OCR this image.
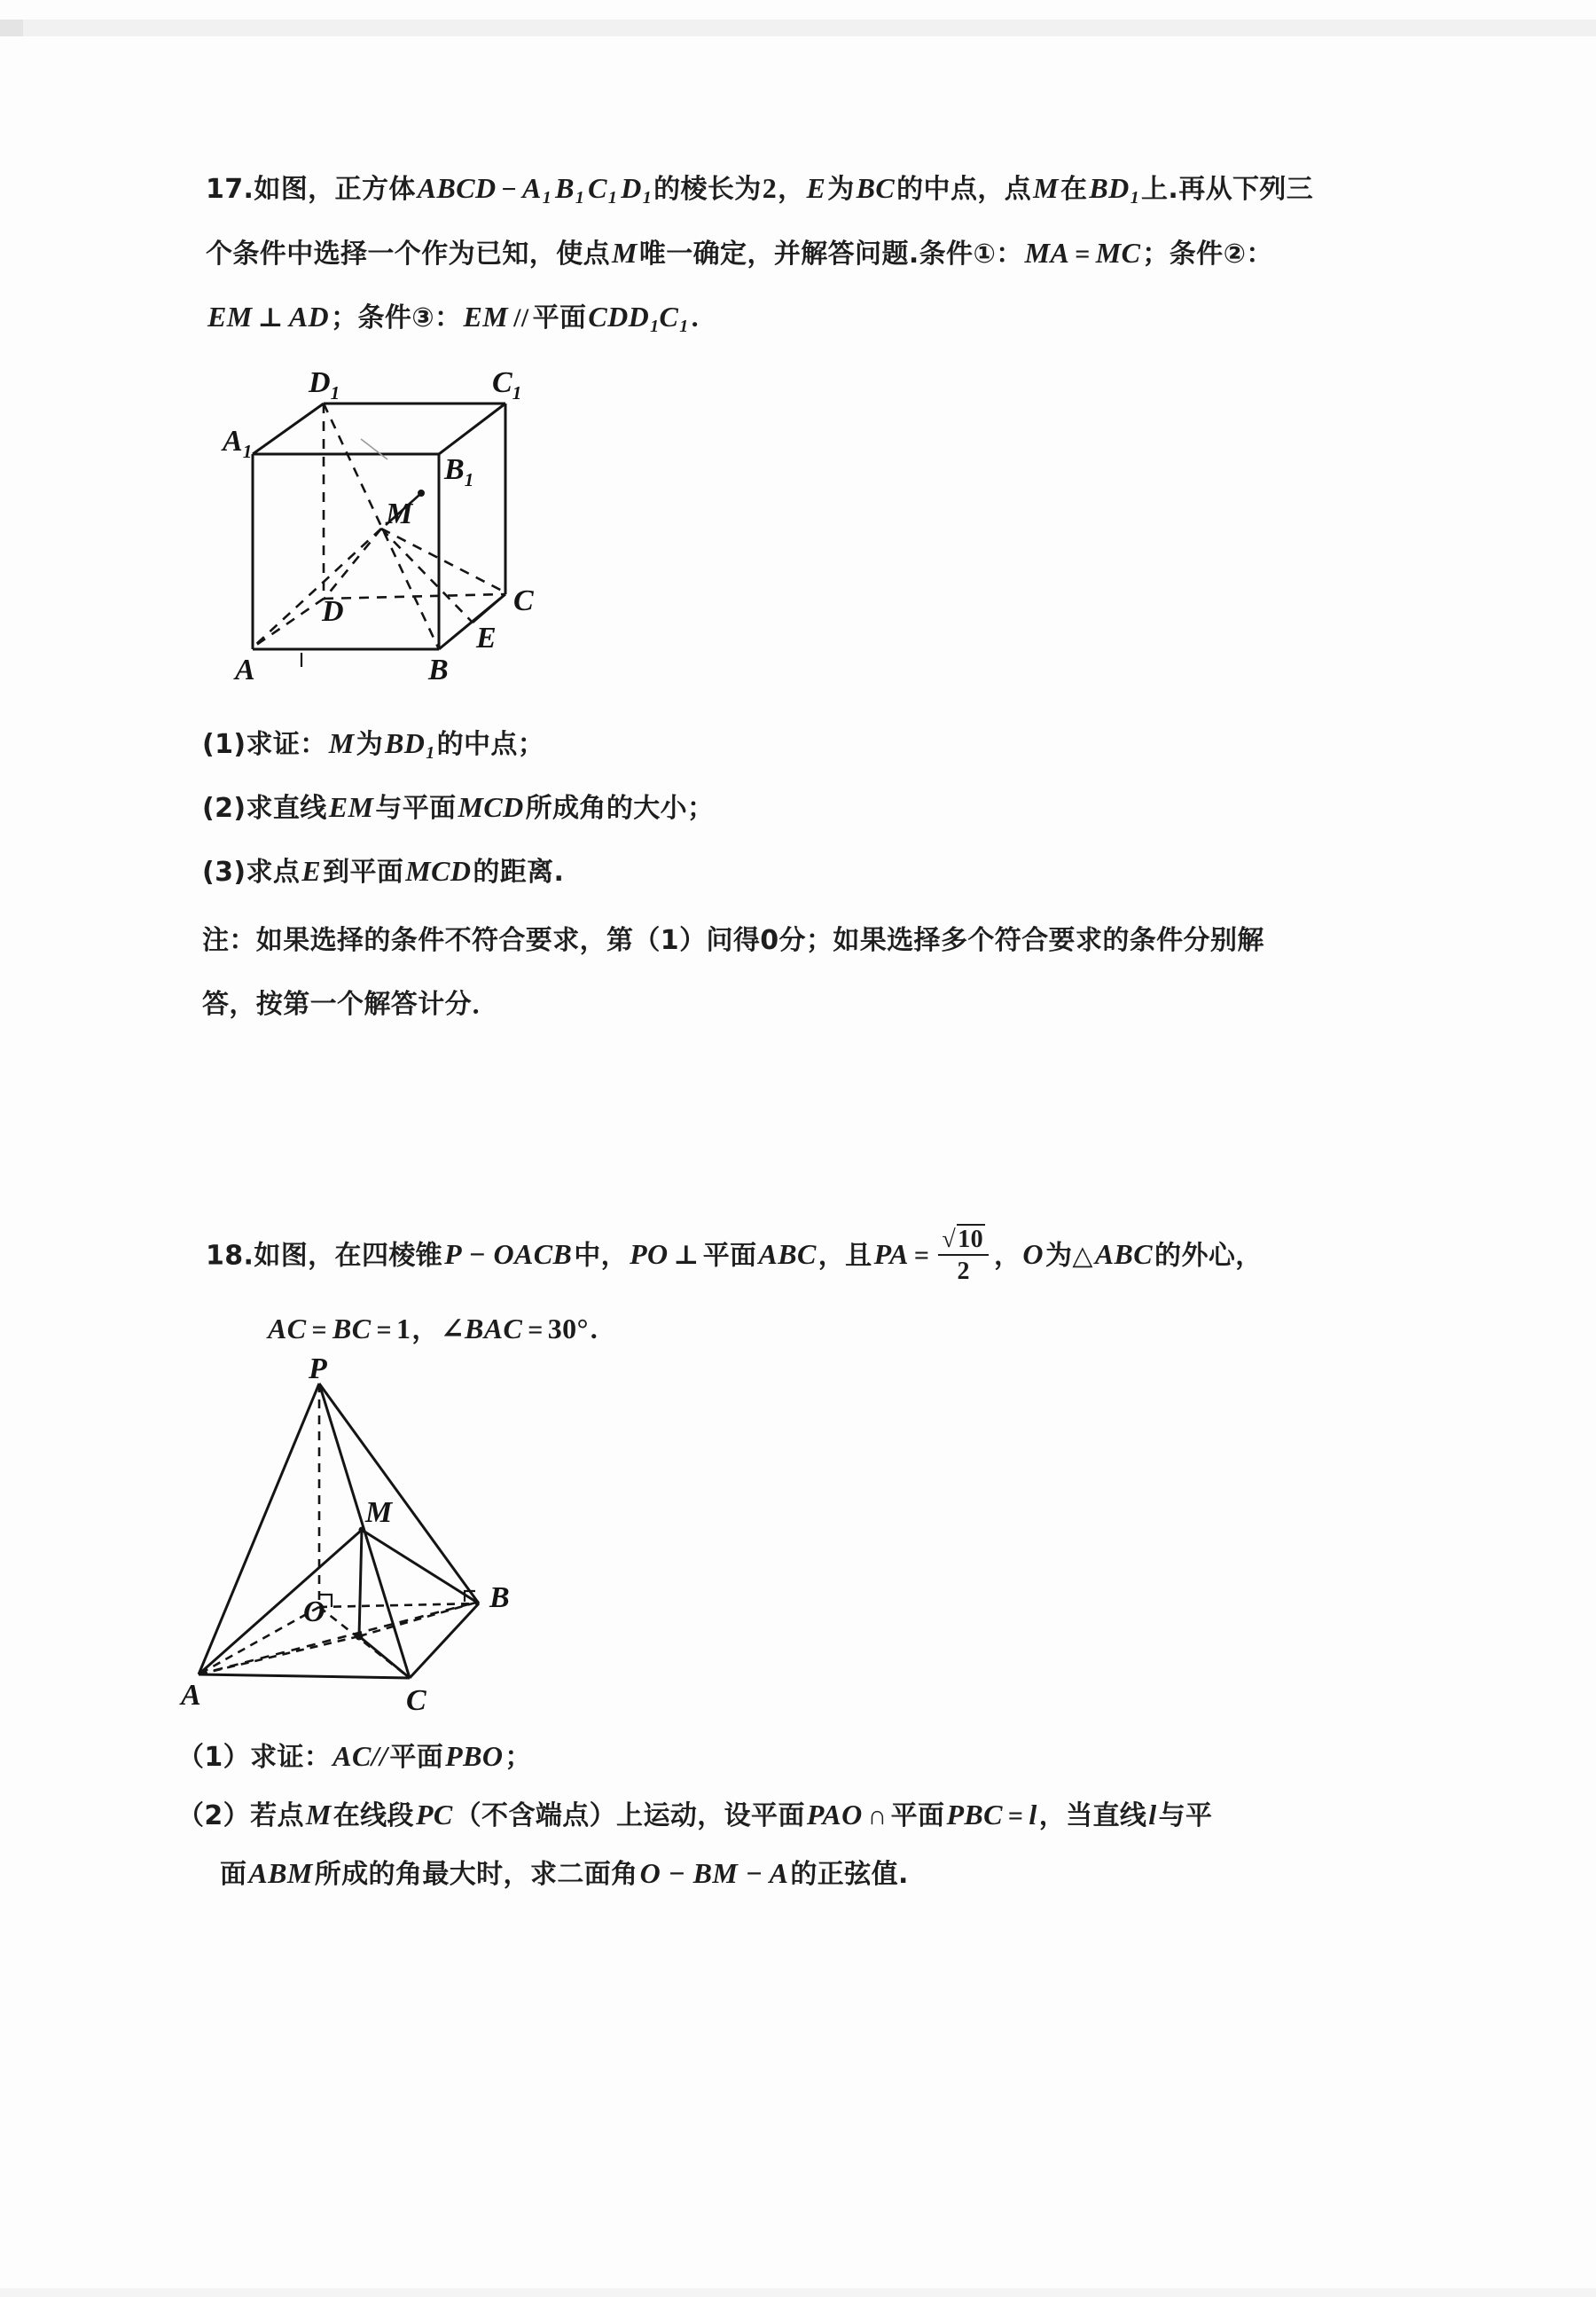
17.如图，正方体ABCD − $A_1$ $B_1$ $C_1$ $D_1$的棱长为2，E为BC的中点，点M在$BD_1$上.再从下列三
个条件中选择一个作为已知，使点M唯一确定，并解答问题.条件①：MA = MC；条件②：
EM ⊥ AD；条件③：EM // 平面$CDD_1C_1$.
$A_1$
$D_1$	$C_1$
$B_1$
A	B
C
D
E
M
(1)求证：M为$BD_1$的中点；
(2)求直线EM与平面MCD所成角的大小；
(3)求点E到平面MCD的距离.
注：如果选择的条件不符合要求，第（1）问得0分；如果选择多个符合要求的条件分别解
答，按第一个解答计分．
18.如图，在四棱锥P − OACB中，PO ⊥ 平面ABC，且PA = $\frac{√10}{2}$ ，O为△ABC的外心，
AC = BC = 1，∠BAC = 30°.
P
A	C
B
M
O
（1）求证：AC//平面PBO；
（2）若点M在线段PC（不含端点）上运动，设平面PAO ∩ 平面PBC = l，当直线l与平
面ABM所成的角最大时，求二面角O − BM − A的正弦值.
